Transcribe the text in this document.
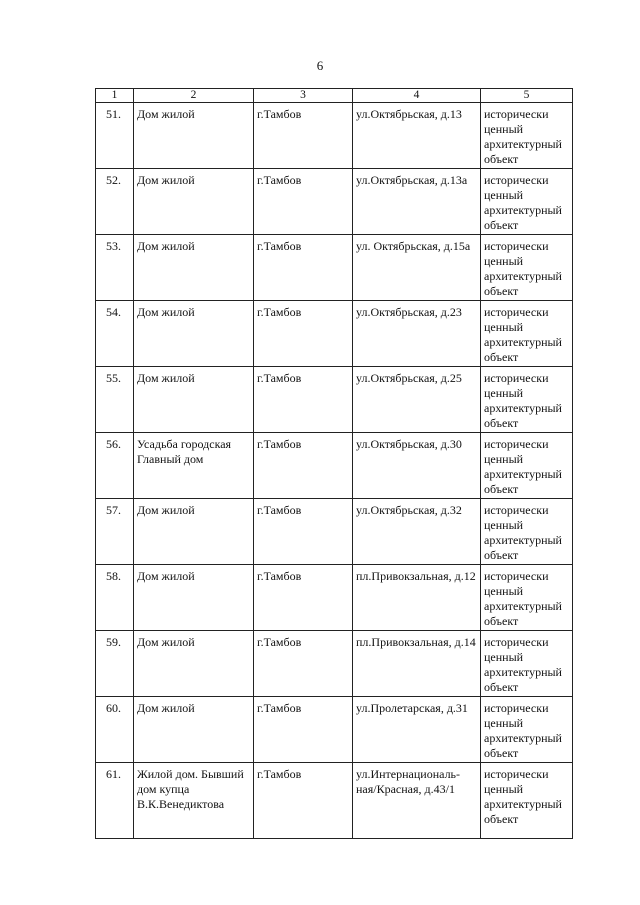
6
1	2	3	4	5
51.	Дом жилой	г.Тамбов	ул.Октябрьская, д.13	исторически ценный архитектурный объект
52.	Дом жилой	г.Тамбов	ул.Октябрьская, д.13а	исторически ценный архитектурный объект
53.	Дом жилой	г.Тамбов	ул. Октябрьская, д.15а	исторически ценный архитектурный объект
54.	Дом жилой	г.Тамбов	ул.Октябрьская, д.23	исторически ценный архитектурный объект
55.	Дом жилой	г.Тамбов	ул.Октябрьская, д.25	исторически ценный архитектурный объект
56.	Усадьба городская Главный дом	г.Тамбов	ул.Октябрьская, д.30	исторически ценный архитектурный объект
57.	Дом жилой	г.Тамбов	ул.Октябрьская, д.32	исторически ценный архитектурный объект
58.	Дом жилой	г.Тамбов	пл.Привокзальная, д.12	исторически ценный архитектурный объект
59.	Дом жилой	г.Тамбов	пл.Привокзальная, д.14	исторически ценный архитектурный объект
60.	Дом жилой	г.Тамбов	ул.Пролетарская, д.31	исторически ценный архитектурный объект
61.	Жилой дом. Бывший дом купца В.К.Венедиктова	г.Тамбов	ул.Интернациональ-ная/Красная, д.43/1	исторически ценный архитектурный объект
